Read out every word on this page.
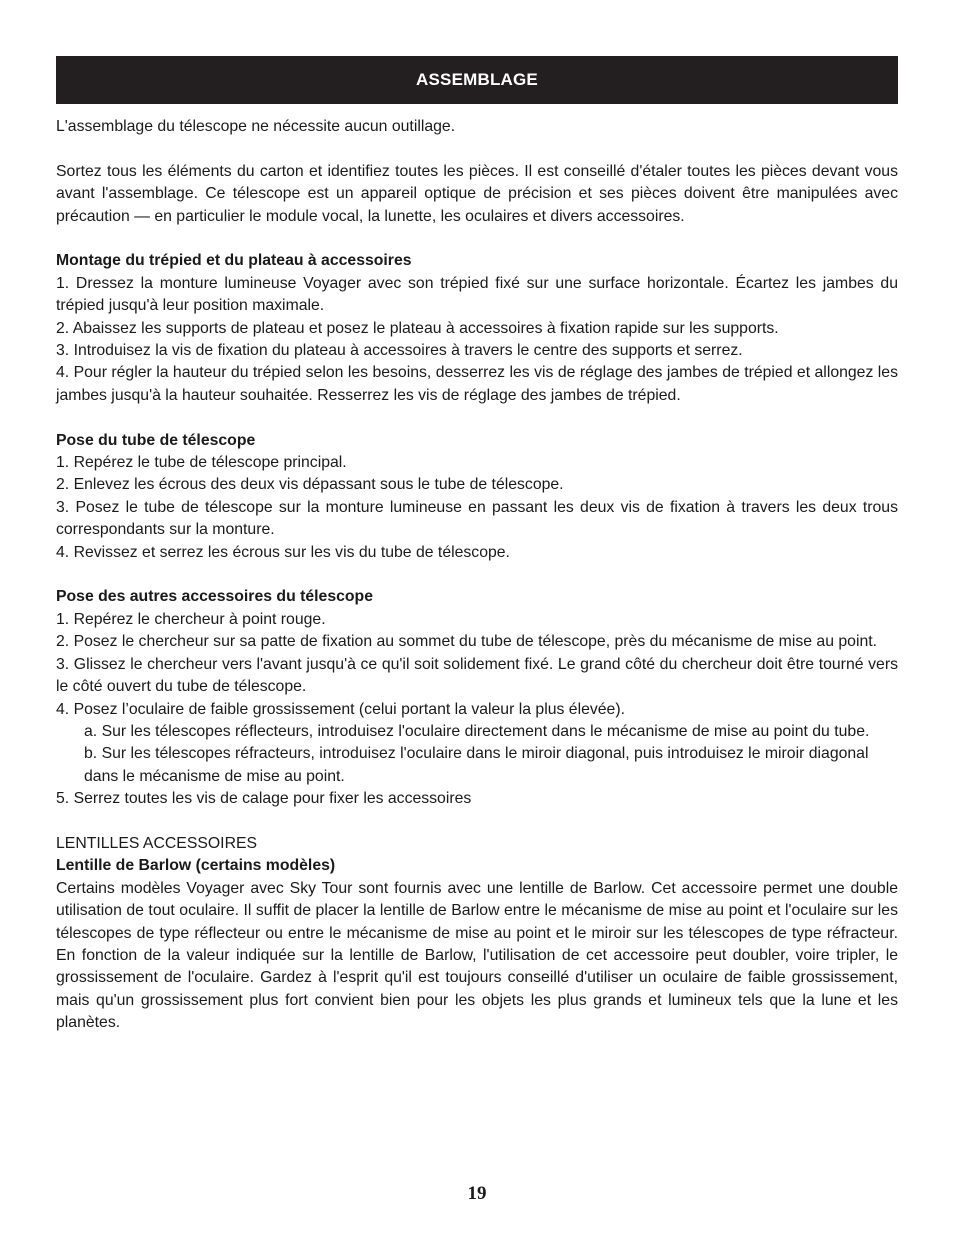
ASSEMBLAGE

L'assemblage du télescope ne nécessite aucun outillage.

Sortez tous les éléments du carton et identifiez toutes les pièces. Il est conseillé d'étaler toutes les pièces devant vous avant l'assemblage. Ce télescope est un appareil optique de précision et ses pièces doivent être manipulées avec précaution — en particulier le module vocal, la lunette, les oculaires et divers accessoires.

Montage du trépied et du plateau à accessoires

1. Dressez la monture lumineuse Voyager avec son trépied fixé sur une surface horizontale. Écartez les jambes du trépied jusqu'à leur position maximale.

2. Abaissez les supports de plateau et posez le plateau à accessoires à fixation rapide sur les supports.

3. Introduisez la vis de fixation du plateau à accessoires à travers le centre des supports et serrez.

4. Pour régler la hauteur du trépied selon les besoins, desserrez les vis de réglage des jambes de trépied et allongez les jambes jusqu'à la hauteur souhaitée. Resserrez les vis de réglage des jambes de trépied.

Pose du tube de télescope

1. Repérez le tube de télescope principal.

2. Enlevez les écrous des deux vis dépassant sous le tube de télescope.

3. Posez le tube de télescope sur la monture lumineuse en passant les deux vis de fixation à travers les deux trous correspondants sur la monture.

4. Revissez et serrez les écrous sur les vis du tube de télescope.

Pose des autres accessoires du télescope

1. Repérez le chercheur à point rouge.

2. Posez le chercheur sur sa patte de fixation au sommet du tube de télescope, près du mécanisme de mise au point.

3. Glissez le chercheur vers l'avant jusqu'à ce qu'il soit solidement fixé. Le grand côté du chercheur doit être tourné vers le côté ouvert du tube de télescope.

4. Posez l’oculaire de faible grossissement (celui portant la valeur la plus élevée).

a. Sur les télescopes réflecteurs, introduisez l'oculaire directement dans le mécanisme de mise au point du tube.

b. Sur les télescopes réfracteurs, introduisez l'oculaire dans le miroir diagonal, puis introduisez le miroir diagonal dans le mécanisme de mise au point.

5. Serrez toutes les vis de calage pour fixer les accessoires

LENTILLES ACCESSOIRES

Lentille de Barlow (certains modèles)

Certains modèles Voyager avec Sky Tour sont fournis avec une lentille de Barlow. Cet accessoire permet une double utilisation de tout oculaire. Il suffit de placer la lentille de Barlow entre le mécanisme de mise au point et l'oculaire sur les télescopes de type réflecteur ou entre le mécanisme de mise au point et le miroir sur les télescopes de type réfracteur. En fonction de la valeur indiquée sur la lentille de Barlow, l'utilisation de cet accessoire peut doubler, voire tripler, le grossissement de l'oculaire. Gardez à l'esprit qu'il est toujours conseillé d'utiliser un oculaire de faible grossissement, mais qu'un grossissement plus fort convient bien pour les objets les plus grands et lumineux tels que la lune et les planètes.

19
